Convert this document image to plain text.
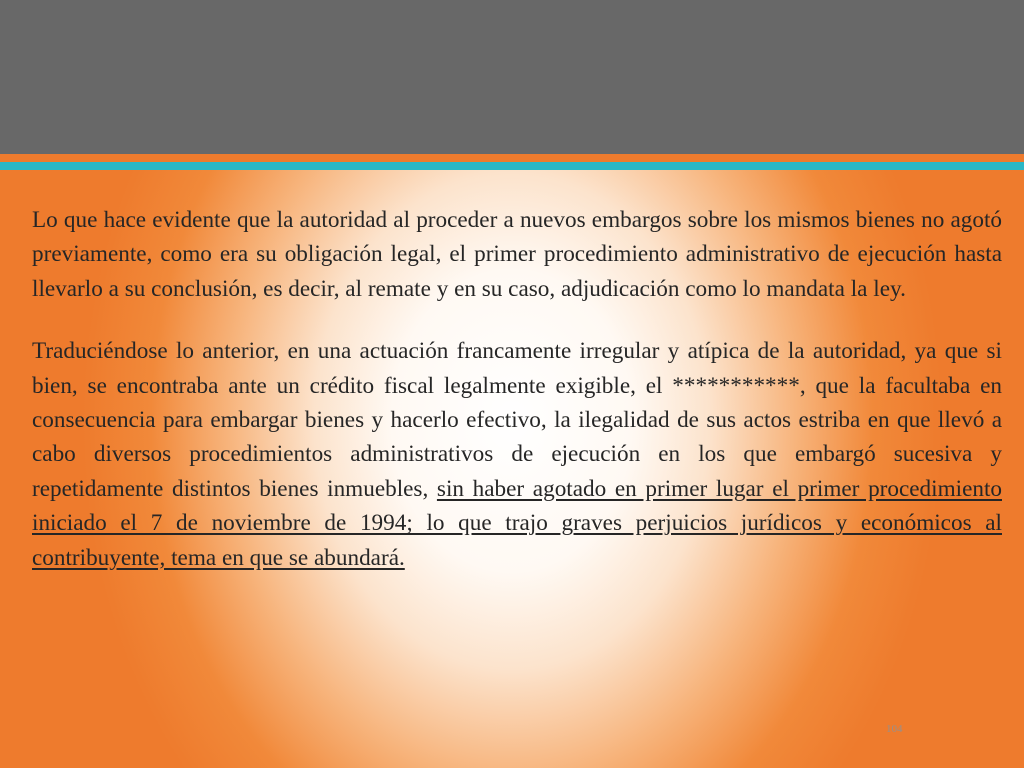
Lo que hace evidente que la autoridad al proceder a nuevos embargos sobre los mismos bienes no agotó previamente, como era su obligación legal, el primer procedimiento administrativo de ejecución hasta llevarlo a su conclusión, es decir, al remate y en su caso, adjudicación como lo mandata la ley.

Traduciéndose lo anterior, en una actuación francamente irregular y atípica de la autoridad, ya que si bien, se encontraba ante un crédito fiscal legalmente exigible, el ***********, que la facultaba en consecuencia para embargar bienes y hacerlo efectivo, la ilegalidad de sus actos estriba en que llevó a cabo diversos procedimientos administrativos de ejecución en los que embargó sucesiva y repetidamente distintos bienes inmuebles, sin haber agotado en primer lugar el primer procedimiento iniciado el 7 de noviembre de 1994; lo que trajo graves perjuicios jurídicos y económicos al contribuyente, tema en que se abundará.

104
